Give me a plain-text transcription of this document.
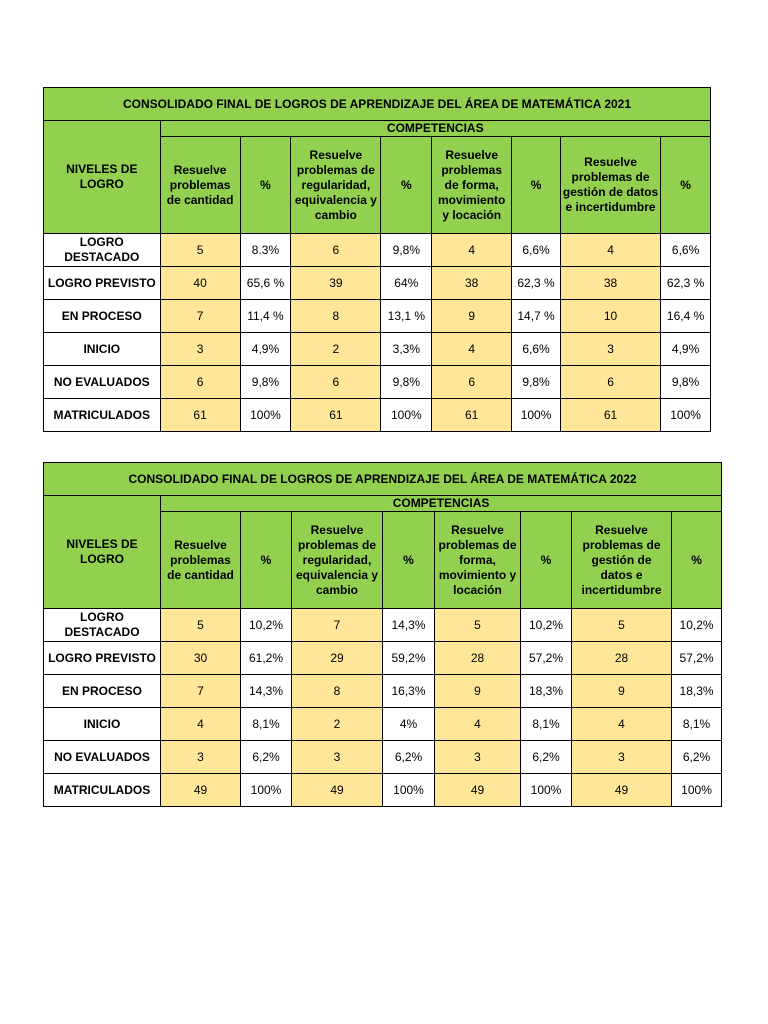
CONSOLIDADO FINAL DE LOGROS DE APRENDIZAJE DEL ÁREA DE MATEMÁTICA 2021								
NIVELES DE LOGRO	COMPETENCIAS							
	Resuelve problemas de cantidad	%	Resuelve problemas de regularidad, equivalencia y cambio	%	Resuelve problemas de forma, movimiento y locación	%	Resuelve problemas de gestión de datos e incertidumbre	%
LOGRO DESTACADO	5	8.3%	6	9,8%	4	6,6%	4	6,6%
LOGRO PREVISTO	40	65,6 %	39	64%	38	62,3 %	38	62,3 %
EN PROCESO	7	11,4 %	8	13,1 %	9	14,7 %	10	16,4 %
INICIO	3	4,9%	2	3,3%	4	6,6%	3	4,9%
NO EVALUADOS	6	9,8%	6	9,8%	6	9,8%	6	9,8%
MATRICULADOS	61	100%	61	100%	61	100%	61	100%
CONSOLIDADO FINAL DE LOGROS DE APRENDIZAJE DEL ÁREA DE MATEMÁTICA 2022								
NIVELES DE LOGRO	COMPETENCIAS							
	Resuelve problemas de cantidad	%	Resuelve problemas de regularidad, equivalencia y cambio	%	Resuelve problemas de forma, movimiento y locación	%	Resuelve problemas de gestión de datos e incertidumbre	%
LOGRO DESTACADO	5	10,2%	7	14,3%	5	10,2%	5	10,2%
LOGRO PREVISTO	30	61,2%	29	59,2%	28	57,2%	28	57,2%
EN PROCESO	7	14,3%	8	16,3%	9	18,3%	9	18,3%
INICIO	4	8,1%	2	4%	4	8,1%	4	8,1%
NO EVALUADOS	3	6,2%	3	6,2%	3	6,2%	3	6,2%
MATRICULADOS	49	100%	49	100%	49	100%	49	100%
